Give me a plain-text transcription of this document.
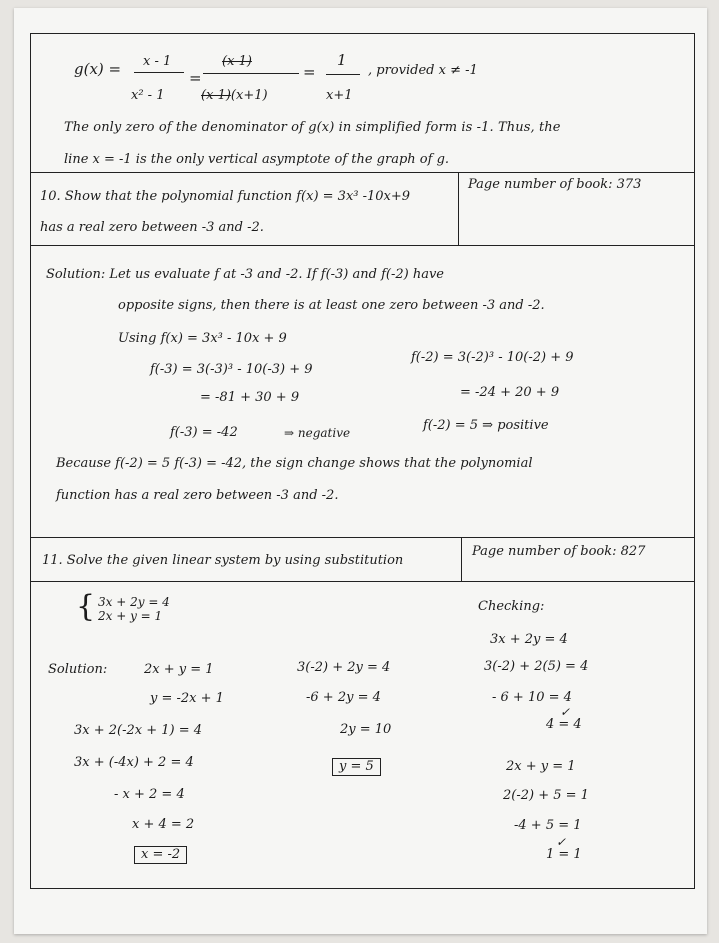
g(x) = x - 1
x² - 1
=
(x-1)
(x-1)(x+1)
=
1
x+1
, provided x ≠ -1
The only zero of the denominator of g(x) in simplified form is -1. Thus, the
line x = -1 is the only vertical asymptote of the graph of g.
10. Show that the polynomial function f(x) = 3x³ -10x+9
has a real zero between -3 and -2.
Page number of book: 373
Solution: Let us evaluate f at -3 and -2. If f(-3) and f(-2) have
opposite signs, then there is at least one zero between -3 and -2.
Using f(x) = 3x³ - 10x + 9
f(-3) = 3(-3)³ - 10(-3) + 9
= -81 + 30 + 9
f(-3) = -42	⇒ negative
f(-2) = 3(-2)³ - 10(-2) + 9
= -24 + 20 + 9
f(-2) = 5 ⇒ positive
Because f(-2) = 5 f(-3) = -42, the sign change shows that the polynomial
function has a real zero between -3 and -2.
11. Solve the given linear system by using substitution
Page number of book: 827
{ 3x + 2y = 4
2x + y = 1
Solution:	2x + y = 1
y = -2x + 1
3x + 2(-2x + 1) = 4
3x + (-4x) + 2 = 4
- x + 2 = 4
x + 4 = 2
x = -2
3(-2) + 2y = 4
-6 + 2y = 4
2y = 10
y = 5
Checking:
3x + 2y = 4
3(-2) + 2(5) = 4
- 6 + 10 = 4
4 = 4
✓
2x + y = 1
2(-2) + 5 = 1
-4 + 5 = 1
1 = 1
✓
